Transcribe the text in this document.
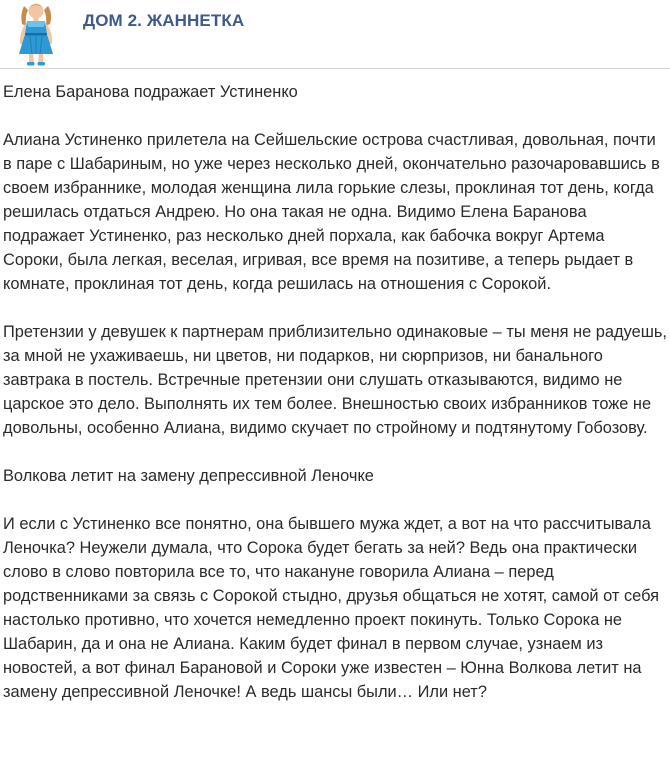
ДОМ 2. ЖАННЕТКА

Елена Баранова подражает Устиненко

Алиана Устиненко прилетела на Сейшельские острова счастливая, довольная, почти в паре с Шабариным, но уже через несколько дней, окончательно разочаровавшись в своем избраннике, молодая женщина лила горькие слезы, проклиная тот день, когда решилась отдаться Андрею. Но она такая не одна. Видимо Елена Баранова подражает Устиненко, раз несколько дней порхала, как бабочка вокруг Артема Сороки, была легкая, веселая, игривая, все время на позитиве, а теперь рыдает в комнате, проклиная тот день, когда решилась на отношения с Сорокой.

Претензии у девушек к партнерам приблизительно одинаковые – ты меня не радуешь, за мной не ухаживаешь, ни цветов, ни подарков, ни сюрпризов, ни банального завтрака в постель. Встречные претензии они слушать отказываются, видимо не царское это дело. Выполнять их тем более. Внешностью своих избранников тоже не довольны, особенно Алиана, видимо скучает по стройному и подтянутому Гобозову.

Волкова летит на замену депрессивной Леночке

И если с Устиненко все понятно, она бывшего мужа ждет, а вот на что рассчитывала Леночка? Неужели думала, что Сорока будет бегать за ней? Ведь она практически слово в слово повторила все то, что накануне говорила Алиана – перед родственниками за связь с Сорокой стыдно, друзья общаться не хотят, самой от себя настолько противно, что хочется немедленно проект покинуть. Только Сорока не Шабарин, да и она не Алиана. Каким будет финал в первом случае, узнаем из новостей, а вот финал Барановой и Сороки уже известен – Юнна Волкова летит на замену депрессивной Леночке! А ведь шансы были… Или нет?
